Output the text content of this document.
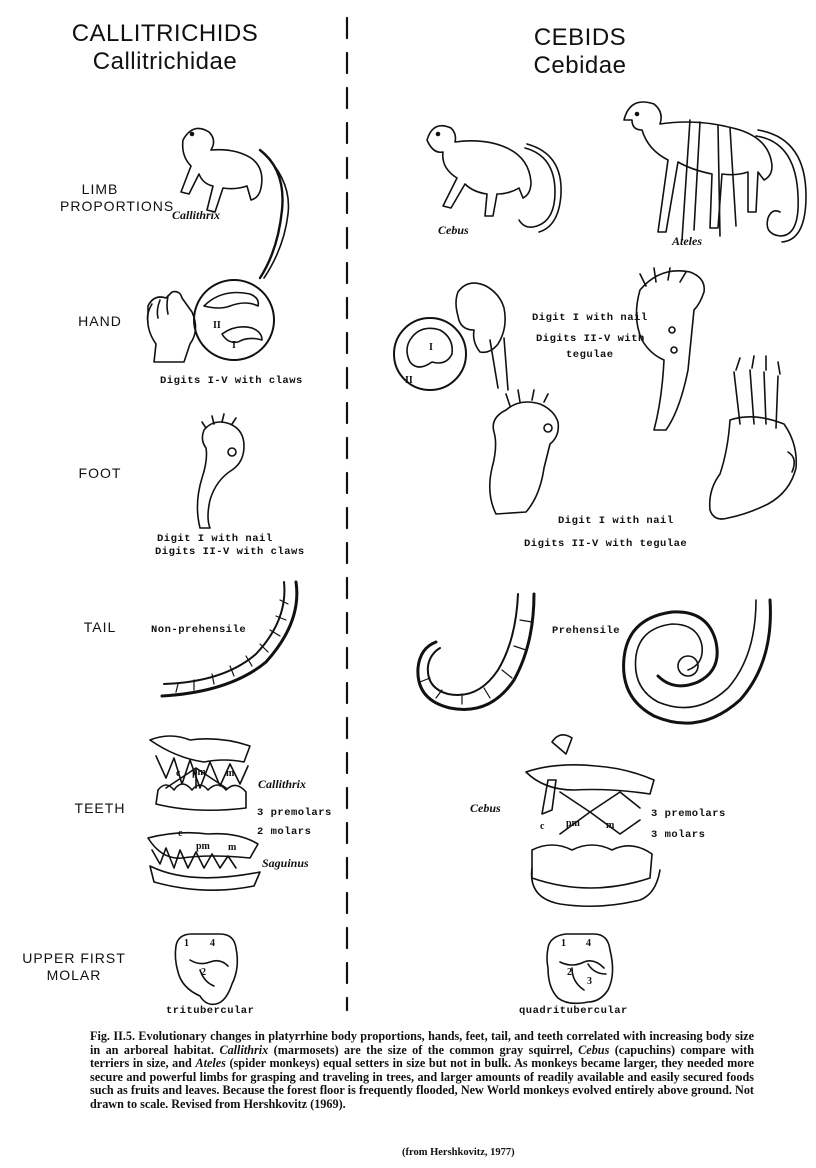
CALLITRICHIDS
Callitrichidae
CEBIDS
Cebidae
LIMB
PROPORTIONS
HAND
FOOT
TAIL
TEETH
UPPER FIRST
MOLAR
II
I	I
II
c pm m
c
pm m
c pm	m
1 4
2
1 4
2
3
Callithrix
Cebus
Ateles
Digits I-V with claws
Digit I with nail
Digits II-V with
tegulae
Digit I with nail
Digits II-V with claws
Digit I with nail
Digits II-V with tegulae
Non-prehensile	Prehensile
Callithrix
3 premolars
2 molars
Saguinus
Cebus	3 premolars
3 molars
tritubercular	quadritubercular
Fig. II.5. Evolutionary changes in platyrrhine body proportions, hands, feet, tail, and teeth correlated with increasing body size in an arboreal habitat. Callithrix (marmosets) are the size of the common gray squirrel, Cebus (capuchins) compare with terriers in size, and Ateles (spider monkeys) equal setters in size but not in bulk. As monkeys became larger, they needed more secure and powerful limbs for grasping and traveling in trees, and larger amounts of readily available and easily secured foods such as fruits and leaves. Because the forest floor is frequently flooded, New World monkeys evolved entirely above ground. Not drawn to scale. Revised from Hershkovitz (1969).
(from Hershkovitz, 1977)
